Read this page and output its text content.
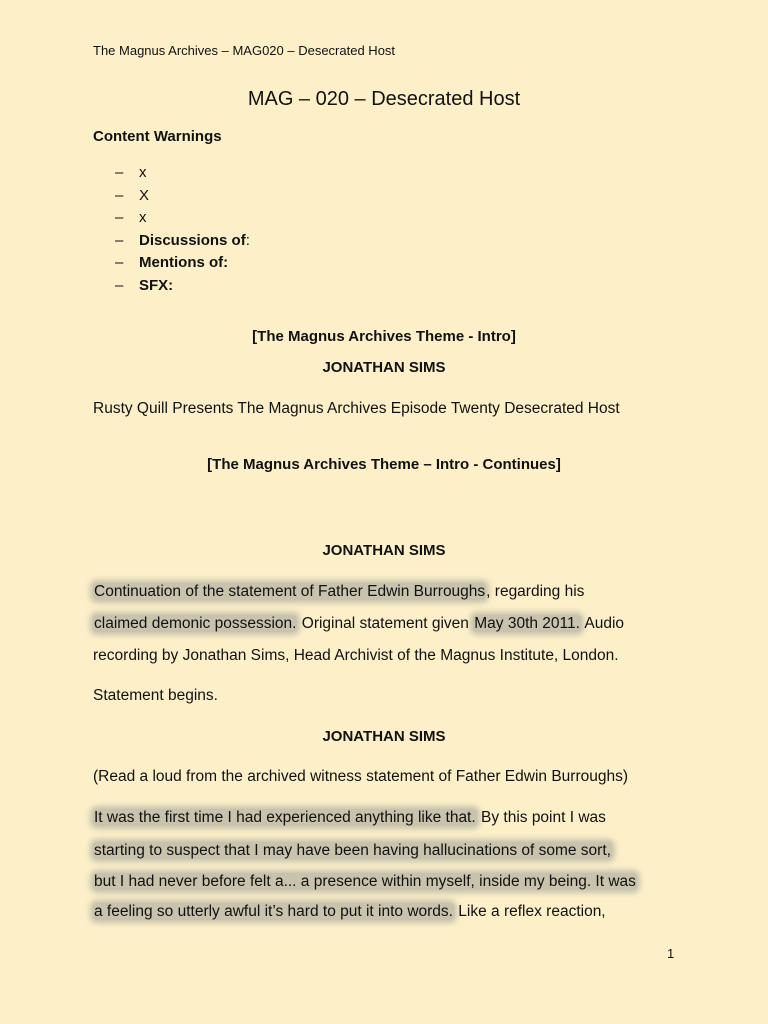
The Magnus Archives – MAG020 – Desecrated Host
MAG – 020 – Desecrated Host
Content Warnings
–	x
–	X
–	x
–	Discussions of :
–	Mentions of:
–	SFX:
[The Magnus Archives Theme - Intro]
JONATHAN SIMS
Rusty Quill Presents The Magnus Archives Episode Twenty Desecrated Host
[The Magnus Archives Theme – Intro - Continues]
JONATHAN SIMS
Continuation of the statement of Father Edwin Burroughs, regarding his
claimed demonic possession. Original statement given May 30th 2011. Audio
recording by Jonathan Sims, Head Archivist of the Magnus Institute, London.
Statement begins.
JONATHAN SIMS
(Read a loud from the archived witness statement of Father Edwin Burroughs)
It was the first time I had experienced anything like that. By this point I was
starting to suspect that I may have been having hallucinations of some sort,
but I had never before felt a... a presence within myself, inside my being. It was
a feeling so utterly awful it’s hard to put it into words. Like a reflex reaction,
1
